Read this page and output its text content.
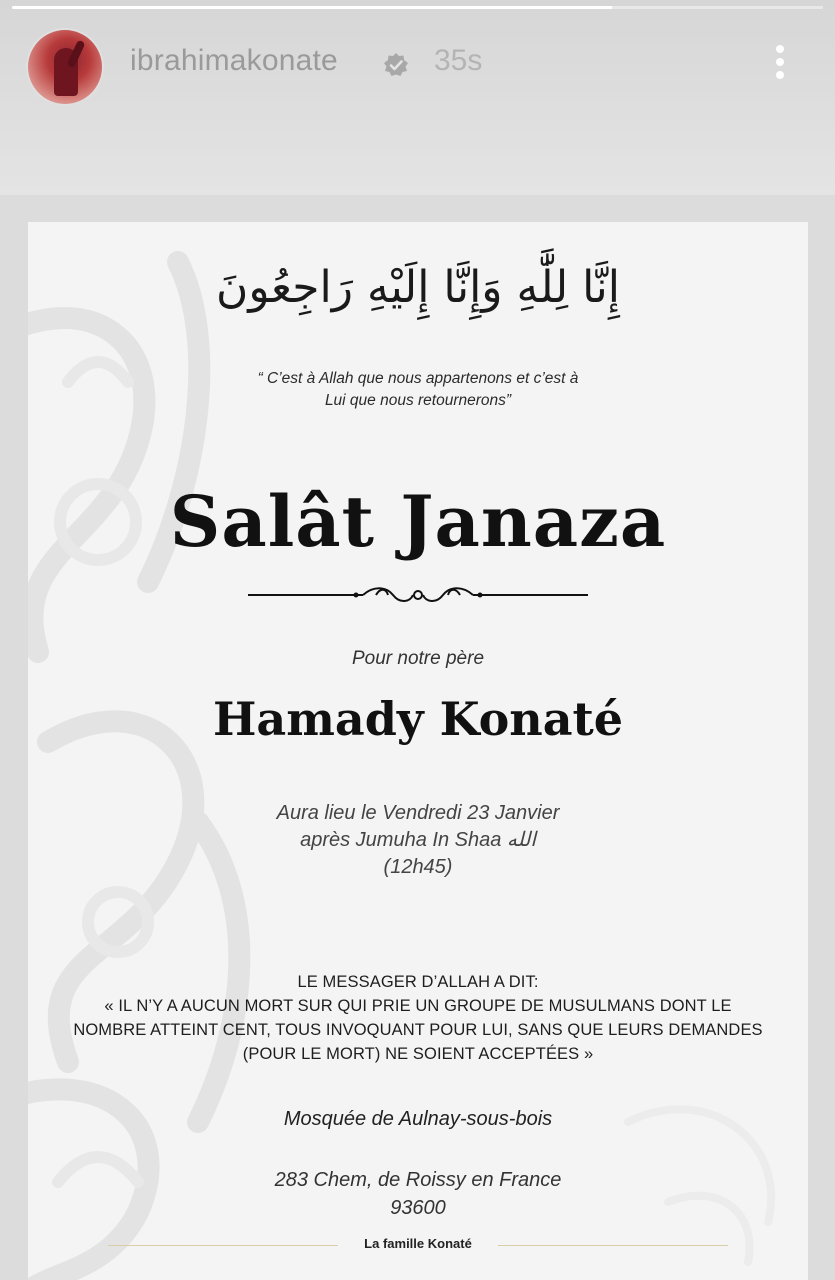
ibrahimakonate	35s
إِنَّا لِلَّٰهِ وَإِنَّا إِلَيْهِ رَاجِعُونَ
“ C’est à Allah que nous appartenons et c’est à
Lui que nous retournerons”
Salât Janaza
Pour notre père
Hamady Konaté
Aura lieu le Vendredi 23 Janvier
après Jumuha In Shaa الله
(12h45)
LE MESSAGER D’ALLAH A DIT:
« IL N’Y A AUCUN MORT SUR QUI PRIE UN GROUPE DE MUSULMANS DONT LE
NOMBRE ATTEINT CENT, TOUS INVOQUANT POUR LUI, SANS QUE LEURS DEMANDES
(POUR LE MORT) NE SOIENT ACCEPTÉES »
Mosquée de Aulnay-sous-bois
283 Chem, de Roissy en France
93600
La famille Konaté
